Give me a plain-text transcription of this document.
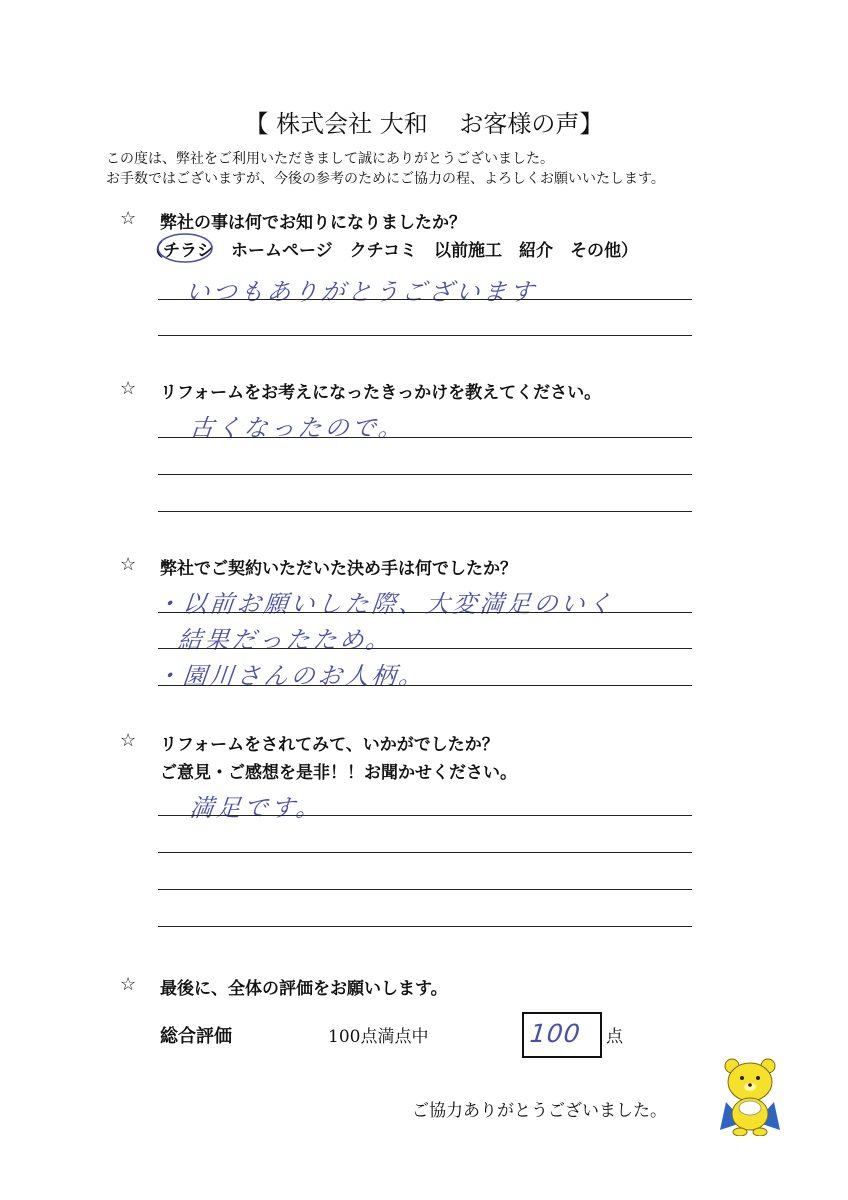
【 株式会社 大和　 お客様の声】
この度は、弊社をご利用いただきまして誠にありがとうございました。
お手数ではございますが、今後の参考のためにご協力の程、よろしくお願いいたします。
☆ 弊社の事は何でお知りになりましたか？
（チラシ　ホームページ　クチコミ　以前施工　紹介　その他）
いつもありがとうございます
☆ リフォームをお考えになったきっかけを教えてください。
古くなったので。
☆ 弊社でご契約いただいた決め手は何でしたか？
・以前お願いした際、大変満足のいく
結果だったため。
・園川さんのお人柄。
☆ リフォームをされてみて、いかがでしたか？
ご意見・ご感想を是非！！お聞かせください。
満足です。
☆ 最後に、全体の評価をお願いします。
総合評価	100点満点中	100 点
ご協力ありがとうございました。
